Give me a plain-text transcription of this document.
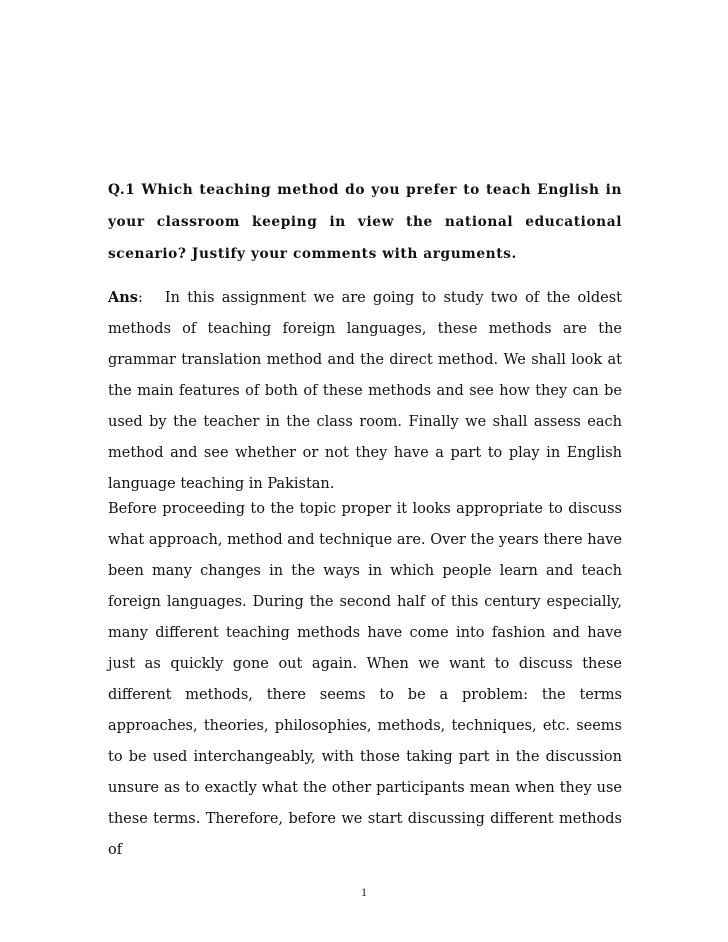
Q.1 Which teaching method do you prefer to teach English in your classroom keeping in view the national educational scenario? Justify your comments with arguments.

Ans: In this assignment we are going to study two of the oldest methods of teaching foreign languages, these methods are the grammar translation method and the direct method. We shall look at the main features of both of these methods and see how they can be used by the teacher in the class room. Finally we shall assess each method and see whether or not they have a part to play in English language teaching in Pakistan.

Before proceeding to the topic proper it looks appropriate to discuss what approach, method and technique are. Over the years there have been many changes in the ways in which people learn and teach foreign languages. During the second half of this century especially, many different teaching methods have come into fashion and have just as quickly gone out again. When we want to discuss these different methods, there seems to be a problem: the terms approaches, theories, philosophies, methods, techniques, etc. seems to be used interchangeably, with those taking part in the discussion unsure as to exactly what the other participants mean when they use these terms. Therefore, before we start discussing different methods of

1
